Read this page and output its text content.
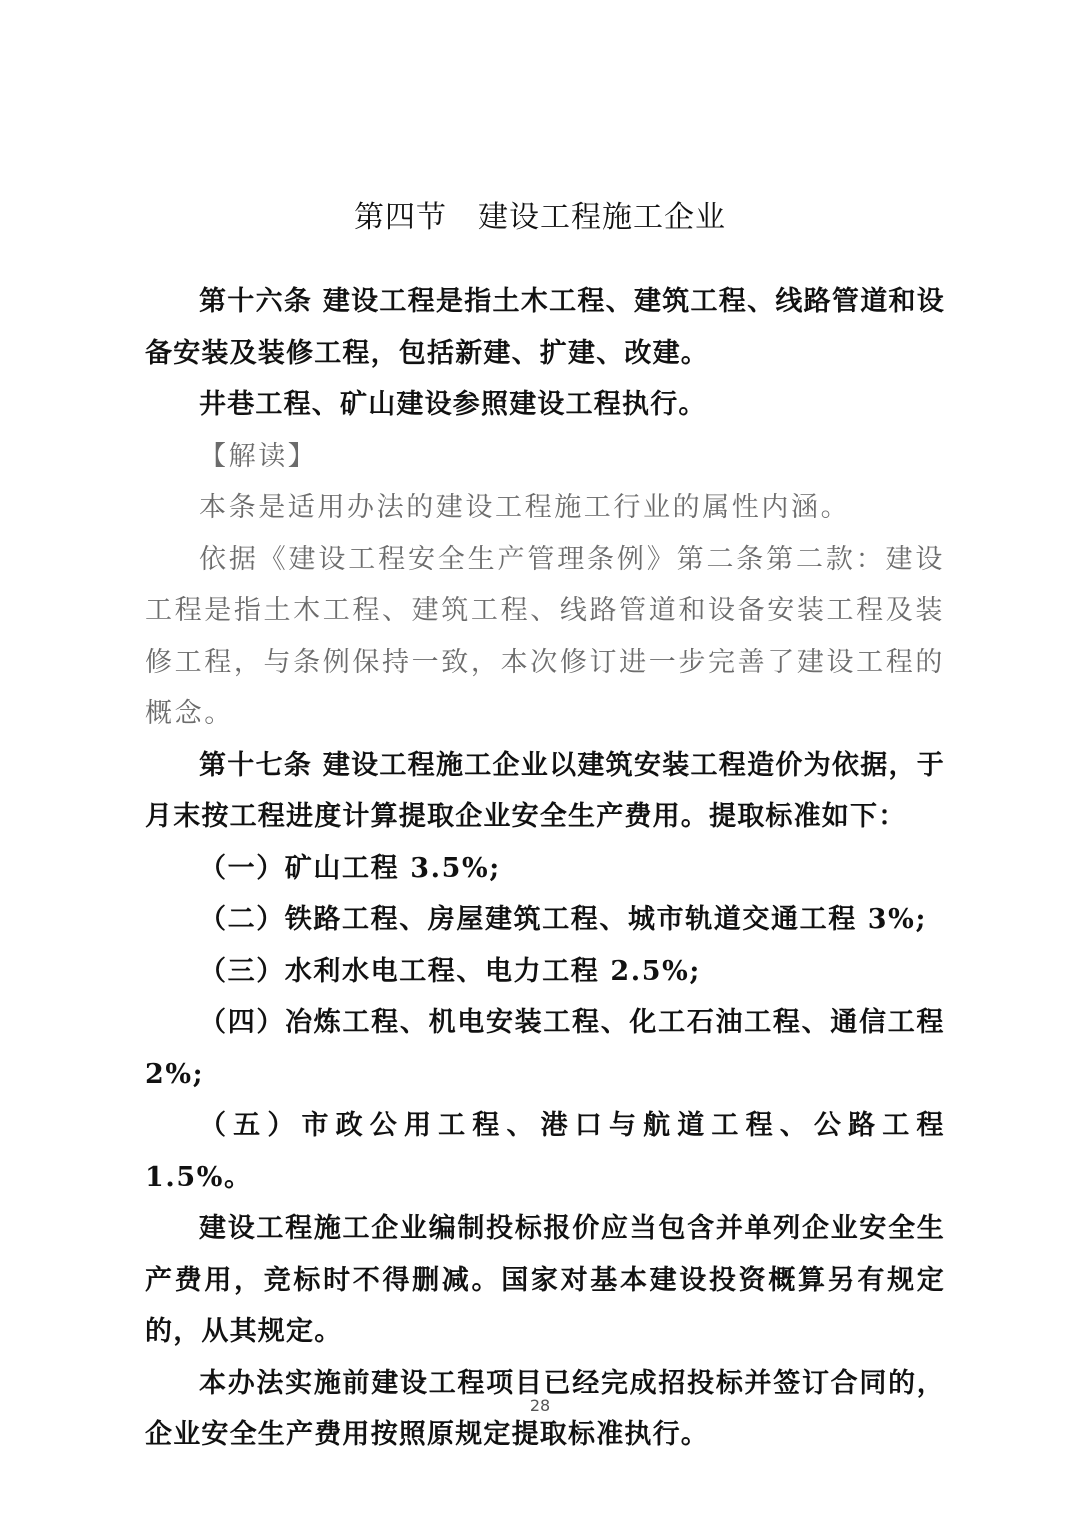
第四节　建设工程施工企业

第十六条 建设工程是指土木工程、建筑工程、线路管道和设备安装及装修工程，包括新建、扩建、改建。

井巷工程、矿山建设参照建设工程执行。

【解读】

本条是适用办法的建设工程施工行业的属性内涵。

依据《建设工程安全生产管理条例》第二条第二款：建设工程是指土木工程、建筑工程、线路管道和设备安装工程及装修工程，与条例保持一致，本次修订进一步完善了建设工程的概念。

第十七条 建设工程施工企业以建筑安装工程造价为依据，于月末按工程进度计算提取企业安全生产费用。提取标准如下：

（一）矿山工程 3.5%;

（二）铁路工程、房屋建筑工程、城市轨道交通工程 3%;

（三）水利水电工程、电力工程 2.5%;

（四）冶炼工程、机电安装工程、化工石油工程、通信工程 2%;

（五）市政公用工程、港口与航道工程、公路工程 1.5%。

建设工程施工企业编制投标报价应当包含并单列企业安全生产费用，竞标时不得删减。国家对基本建设投资概算另有规定的，从其规定。

本办法实施前建设工程项目已经完成招投标并签订合同的，企业安全生产费用按照原规定提取标准执行。

28
